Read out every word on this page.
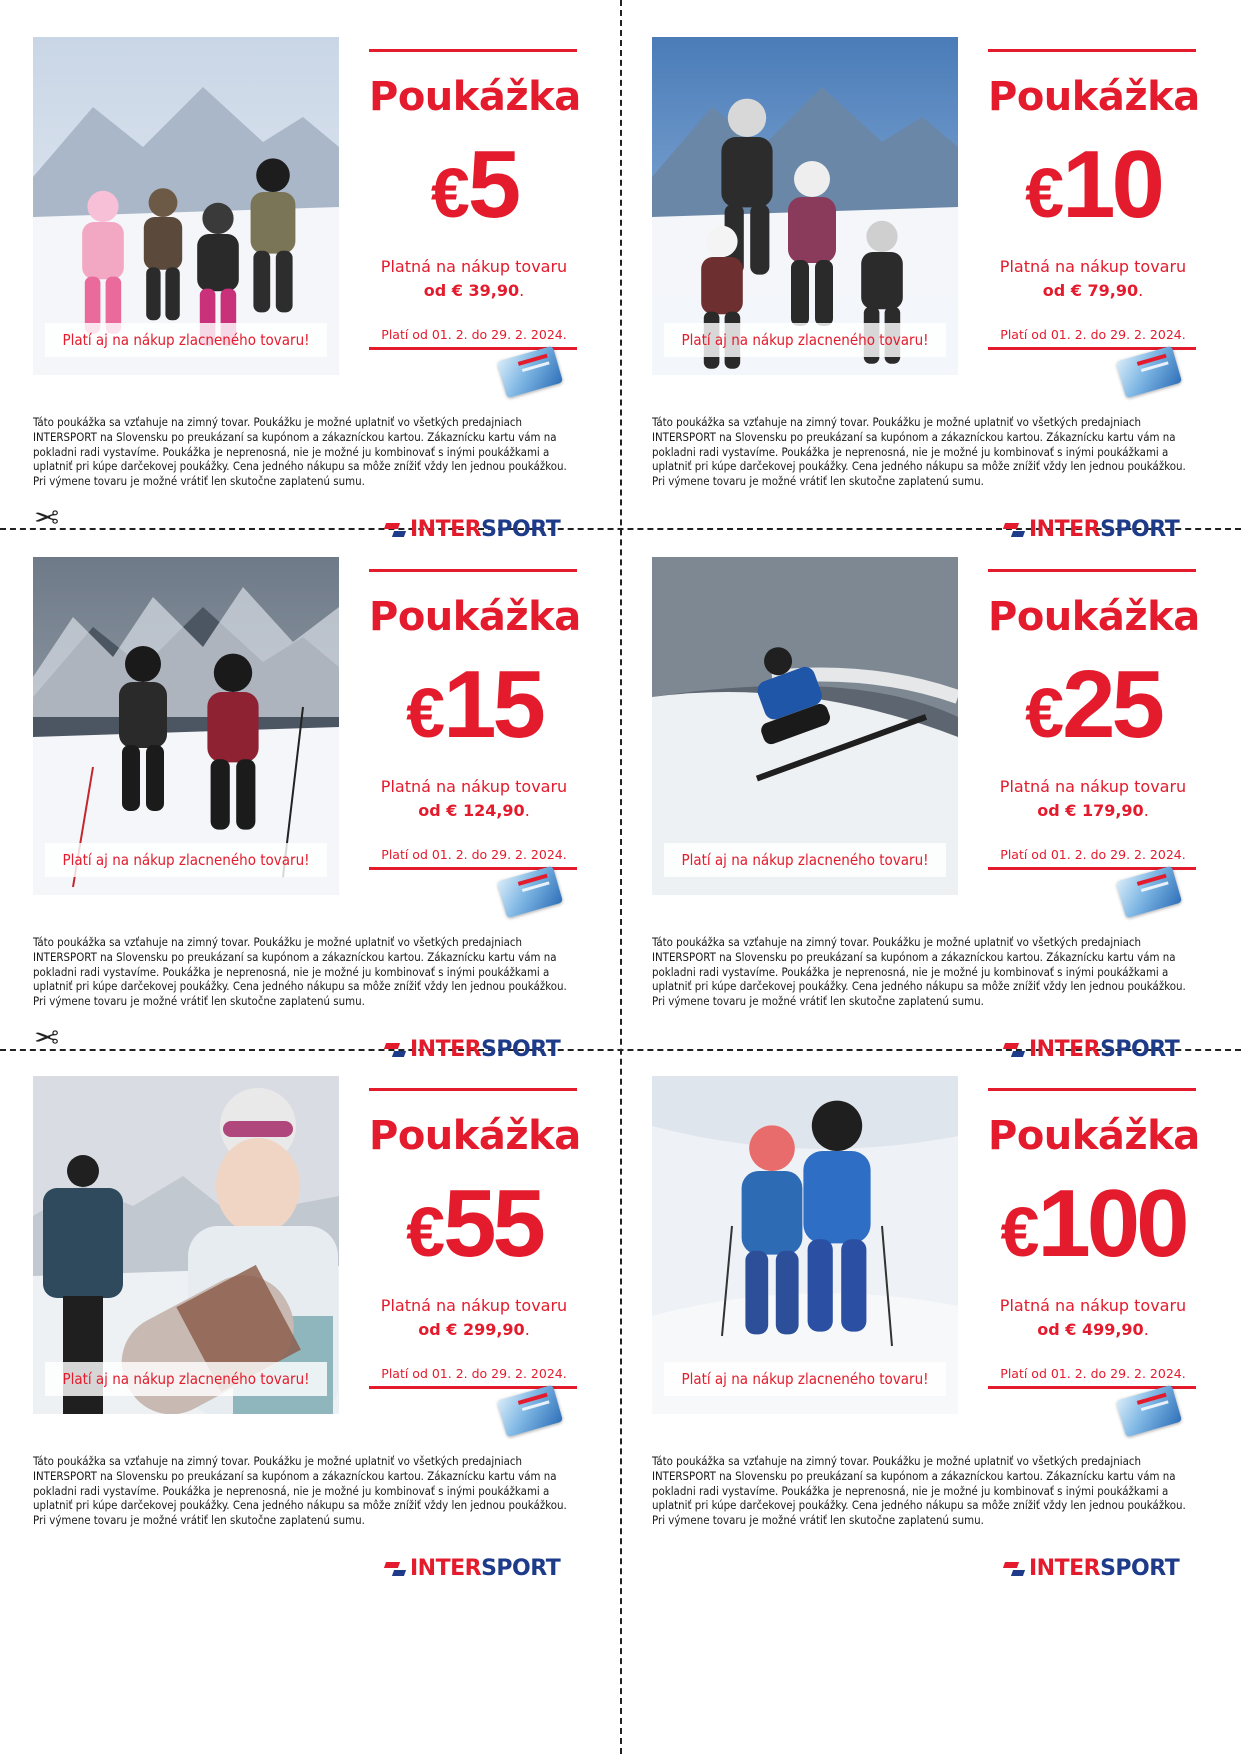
✂
✂
Platí aj na nákup zlacneného tovaru!
Poukážka
€5
Platná na nákup tovaru
od € 39,90.
Platí od 01. 2. do 29. 2. 2024.
Táto poukážka sa vzťahuje na zimný tovar. Poukážku je možné uplatniť vo všetkých predajniach INTERSPORT na Slovensku po preukázaní sa kupónom a zákazníckou kartou. Zákaznícku kartu vám na pokladni radi vystavíme. Poukážka je neprenosná, nie je možné ju kombinovať s inými poukážkami a uplatniť pri kúpe darčekovej poukážky. Cena jedného nákupu sa môže znížiť vždy len jednou poukážkou. Pri výmene tovaru je možné vrátiť len skutočne zaplatenú sumu.
INTERSPORT
Platí aj na nákup zlacneného tovaru!
Poukážka
€10
Platná na nákup tovaru
od € 79,90.
Platí od 01. 2. do 29. 2. 2024.
Táto poukážka sa vzťahuje na zimný tovar. Poukážku je možné uplatniť vo všetkých predajniach INTERSPORT na Slovensku po preukázaní sa kupónom a zákazníckou kartou. Zákaznícku kartu vám na pokladni radi vystavíme. Poukážka je neprenosná, nie je možné ju kombinovať s inými poukážkami a uplatniť pri kúpe darčekovej poukážky. Cena jedného nákupu sa môže znížiť vždy len jednou poukážkou. Pri výmene tovaru je možné vrátiť len skutočne zaplatenú sumu.
INTERSPORT
Platí aj na nákup zlacneného tovaru!
Poukážka
€15
Platná na nákup tovaru
od € 124,90.
Platí od 01. 2. do 29. 2. 2024.
Táto poukážka sa vzťahuje na zimný tovar. Poukážku je možné uplatniť vo všetkých predajniach INTERSPORT na Slovensku po preukázaní sa kupónom a zákazníckou kartou. Zákaznícku kartu vám na pokladni radi vystavíme. Poukážka je neprenosná, nie je možné ju kombinovať s inými poukážkami a uplatniť pri kúpe darčekovej poukážky. Cena jedného nákupu sa môže znížiť vždy len jednou poukážkou. Pri výmene tovaru je možné vrátiť len skutočne zaplatenú sumu.
INTERSPORT
Platí aj na nákup zlacneného tovaru!
Poukážka
€25
Platná na nákup tovaru
od € 179,90.
Platí od 01. 2. do 29. 2. 2024.
Táto poukážka sa vzťahuje na zimný tovar. Poukážku je možné uplatniť vo všetkých predajniach INTERSPORT na Slovensku po preukázaní sa kupónom a zákazníckou kartou. Zákaznícku kartu vám na pokladni radi vystavíme. Poukážka je neprenosná, nie je možné ju kombinovať s inými poukážkami a uplatniť pri kúpe darčekovej poukážky. Cena jedného nákupu sa môže znížiť vždy len jednou poukážkou. Pri výmene tovaru je možné vrátiť len skutočne zaplatenú sumu.
INTERSPORT
Platí aj na nákup zlacneného tovaru!
Poukážka
€55
Platná na nákup tovaru
od € 299,90.
Platí od 01. 2. do 29. 2. 2024.
Táto poukážka sa vzťahuje na zimný tovar. Poukážku je možné uplatniť vo všetkých predajniach INTERSPORT na Slovensku po preukázaní sa kupónom a zákazníckou kartou. Zákaznícku kartu vám na pokladni radi vystavíme. Poukážka je neprenosná, nie je možné ju kombinovať s inými poukážkami a uplatniť pri kúpe darčekovej poukážky. Cena jedného nákupu sa môže znížiť vždy len jednou poukážkou. Pri výmene tovaru je možné vrátiť len skutočne zaplatenú sumu.
INTERSPORT
Platí aj na nákup zlacneného tovaru!
Poukážka
€100
Platná na nákup tovaru
od € 499,90.
Platí od 01. 2. do 29. 2. 2024.
Táto poukážka sa vzťahuje na zimný tovar. Poukážku je možné uplatniť vo všetkých predajniach INTERSPORT na Slovensku po preukázaní sa kupónom a zákazníckou kartou. Zákaznícku kartu vám na pokladni radi vystavíme. Poukážka je neprenosná, nie je možné ju kombinovať s inými poukážkami a uplatniť pri kúpe darčekovej poukážky. Cena jedného nákupu sa môže znížiť vždy len jednou poukážkou. Pri výmene tovaru je možné vrátiť len skutočne zaplatenú sumu.
INTERSPORT
